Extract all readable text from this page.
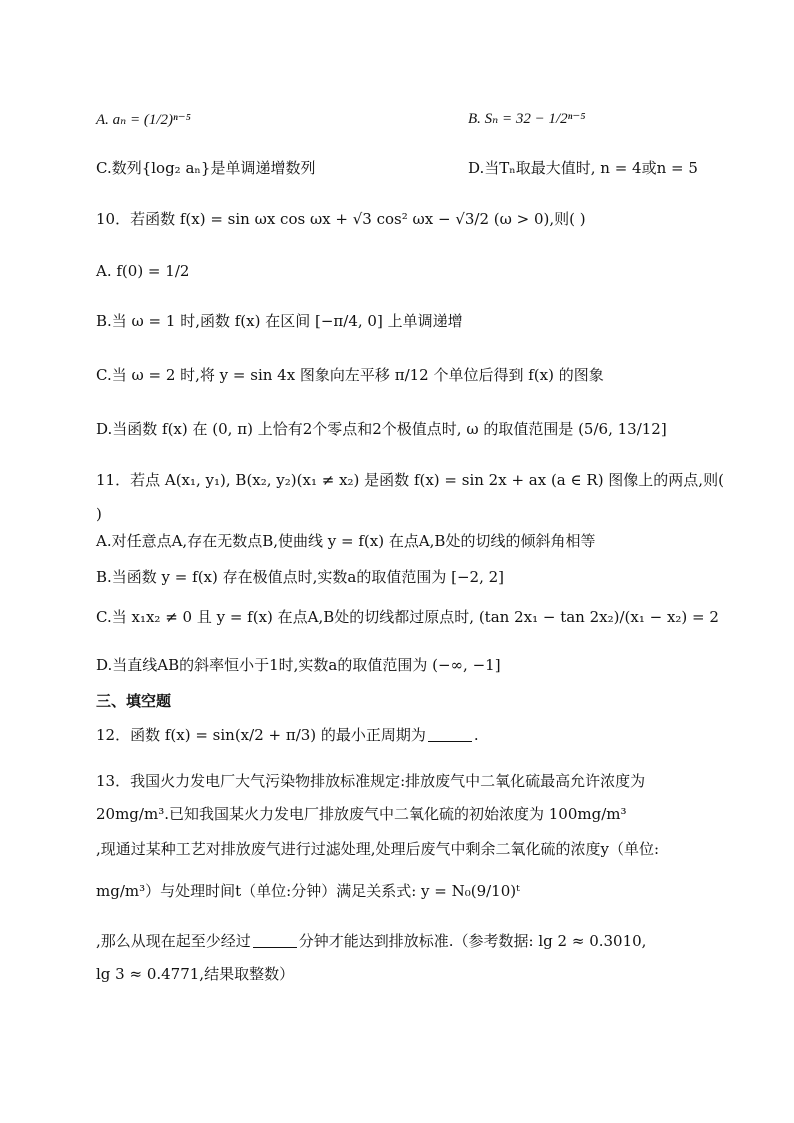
A. aₙ = (1/2)ⁿ⁻⁵	B. Sₙ = 32 − 1/2ⁿ⁻⁵
C.数列{log₂ aₙ}是单调递增数列	D.当Tₙ取最大值时, n = 4或n = 5
10．若函数 f(x) = sin ωx cos ωx + √3 cos² ωx − √3/2 (ω > 0),则( )
A. f(0) = 1/2
B.当 ω = 1 时,函数 f(x) 在区间 [−π/4, 0] 上单调递增
C.当 ω = 2 时,将 y = sin 4x 图象向左平移 π/12 个单位后得到 f(x) 的图象
D.当函数 f(x) 在 (0, π) 上恰有2个零点和2个极值点时, ω 的取值范围是 (5/6, 13/12]
11．若点 A(x₁, y₁), B(x₂, y₂)(x₁ ≠ x₂) 是函数 f(x) = sin 2x + ax (a ∈ R) 图像上的两点,则(
)
A.对任意点A,存在无数点B,使曲线 y = f(x) 在点A,B处的切线的倾斜角相等
B.当函数 y = f(x) 存在极值点时,实数a的取值范围为 [−2, 2]
C.当 x₁x₂ ≠ 0 且 y = f(x) 在点A,B处的切线都过原点时, (tan 2x₁ − tan 2x₂)/(x₁ − x₂) = 2
D.当直线AB的斜率恒小于1时,实数a的取值范围为 (−∞, −1]
三、填空题
12．函数 f(x) = sin(x/2 + π/3) 的最小正周期为	.
13．我国火力发电厂大气污染物排放标准规定:排放废气中二氧化硫最高允许浓度为
20mg/m³.已知我国某火力发电厂排放废气中二氧化硫的初始浓度为 100mg/m³
,现通过某种工艺对排放废气进行过滤处理,处理后废气中剩余二氧化硫的浓度y（单位:
mg/m³）与处理时间t（单位:分钟）满足关系式: y = N₀(9/10)ᵗ
,那么从现在起至少经过	分钟才能达到排放标准.（参考数据: lg 2 ≈ 0.3010,
lg 3 ≈ 0.4771,结果取整数）
